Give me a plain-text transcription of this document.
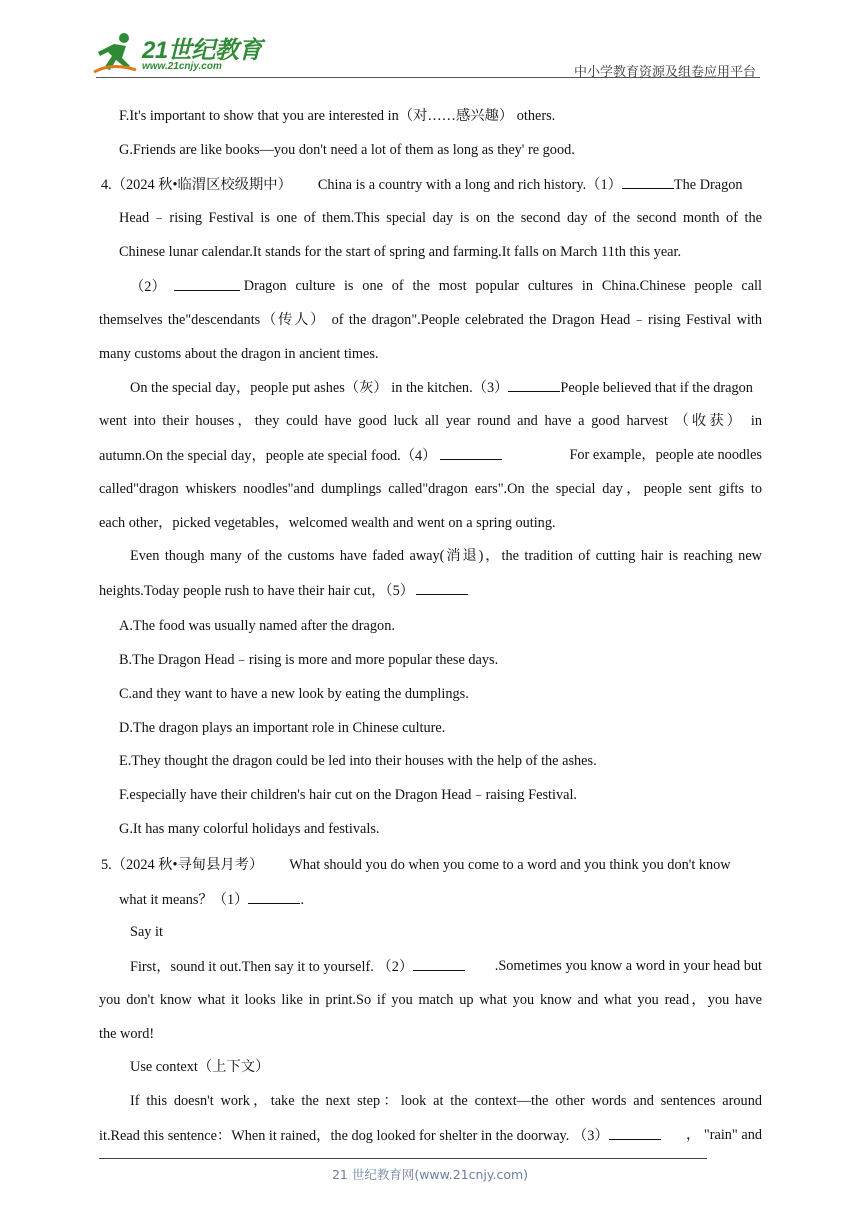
21世纪教育
www.21cnjy.com	中小学教育资源及组卷应用平台
F.It's important to show that you are interested in（对……感兴趣） others.
G.Friends are like books—you don't need a lot of them as long as they' re good.
4.（2024 秋•临渭区校级期中） China is a country with a long and rich history.（1）	The Dragon
Head﹣rising Festival is one of them.This special day is on the second day of the second month of the
Chinese lunar calendar.It stands for the start of spring and farming.It falls on March 11th this year.
（2）	Dragon culture is one of the most popular cultures in China.Chinese people call
themselves the"descendants（传人） of the dragon".People celebrated the Dragon Head﹣rising Festival with
many customs about the dragon in ancient times.
On the special day，people put ashes（灰） in the kitchen.（3）	People believed that if the dragon
went into their houses，they could have good luck all year round and have a good harvest （收获） in
autumn.On the special day，people ate special food.（4）	For example，people ate noodles
called"dragon whiskers noodles"and dumplings called"dragon ears".On the special day，people sent gifts to
each other，picked vegetables，welcomed wealth and went on a spring outing.
Even though many of the customs have faded away(消退)，the tradition of cutting hair is reaching new
heights.Today people rush to have their hair cut，（5）
A.The food was usually named after the dragon.
B.The Dragon Head﹣rising is more and more popular these days.
C.and they want to have a new look by eating the dumplings.
D.The dragon plays an important role in Chinese culture.
E.They thought the dragon could be led into their houses with the help of the ashes.
F.especially have their children's hair cut on the Dragon Head﹣raising Festival.
G.It has many colorful holidays and festivals.
5.（2024 秋•寻甸县月考） What should you do when you come to a word and you think you don't know
what it means？（1）	.
Say it
First，sound it out.Then say it to yourself. （2）	.Sometimes you know a word in your head but
you don't know what it looks like in print.So if you match up what you know and what you read，you have
the word!
Use context（上下文）
If this doesn't work，take the next step：look at the context—the other words and sentences around
it.Read this sentence：When it rained，the dog looked for shelter in the doorway. （3）	， "rain" and
21 世纪教育网(www.21cnjy.com)
